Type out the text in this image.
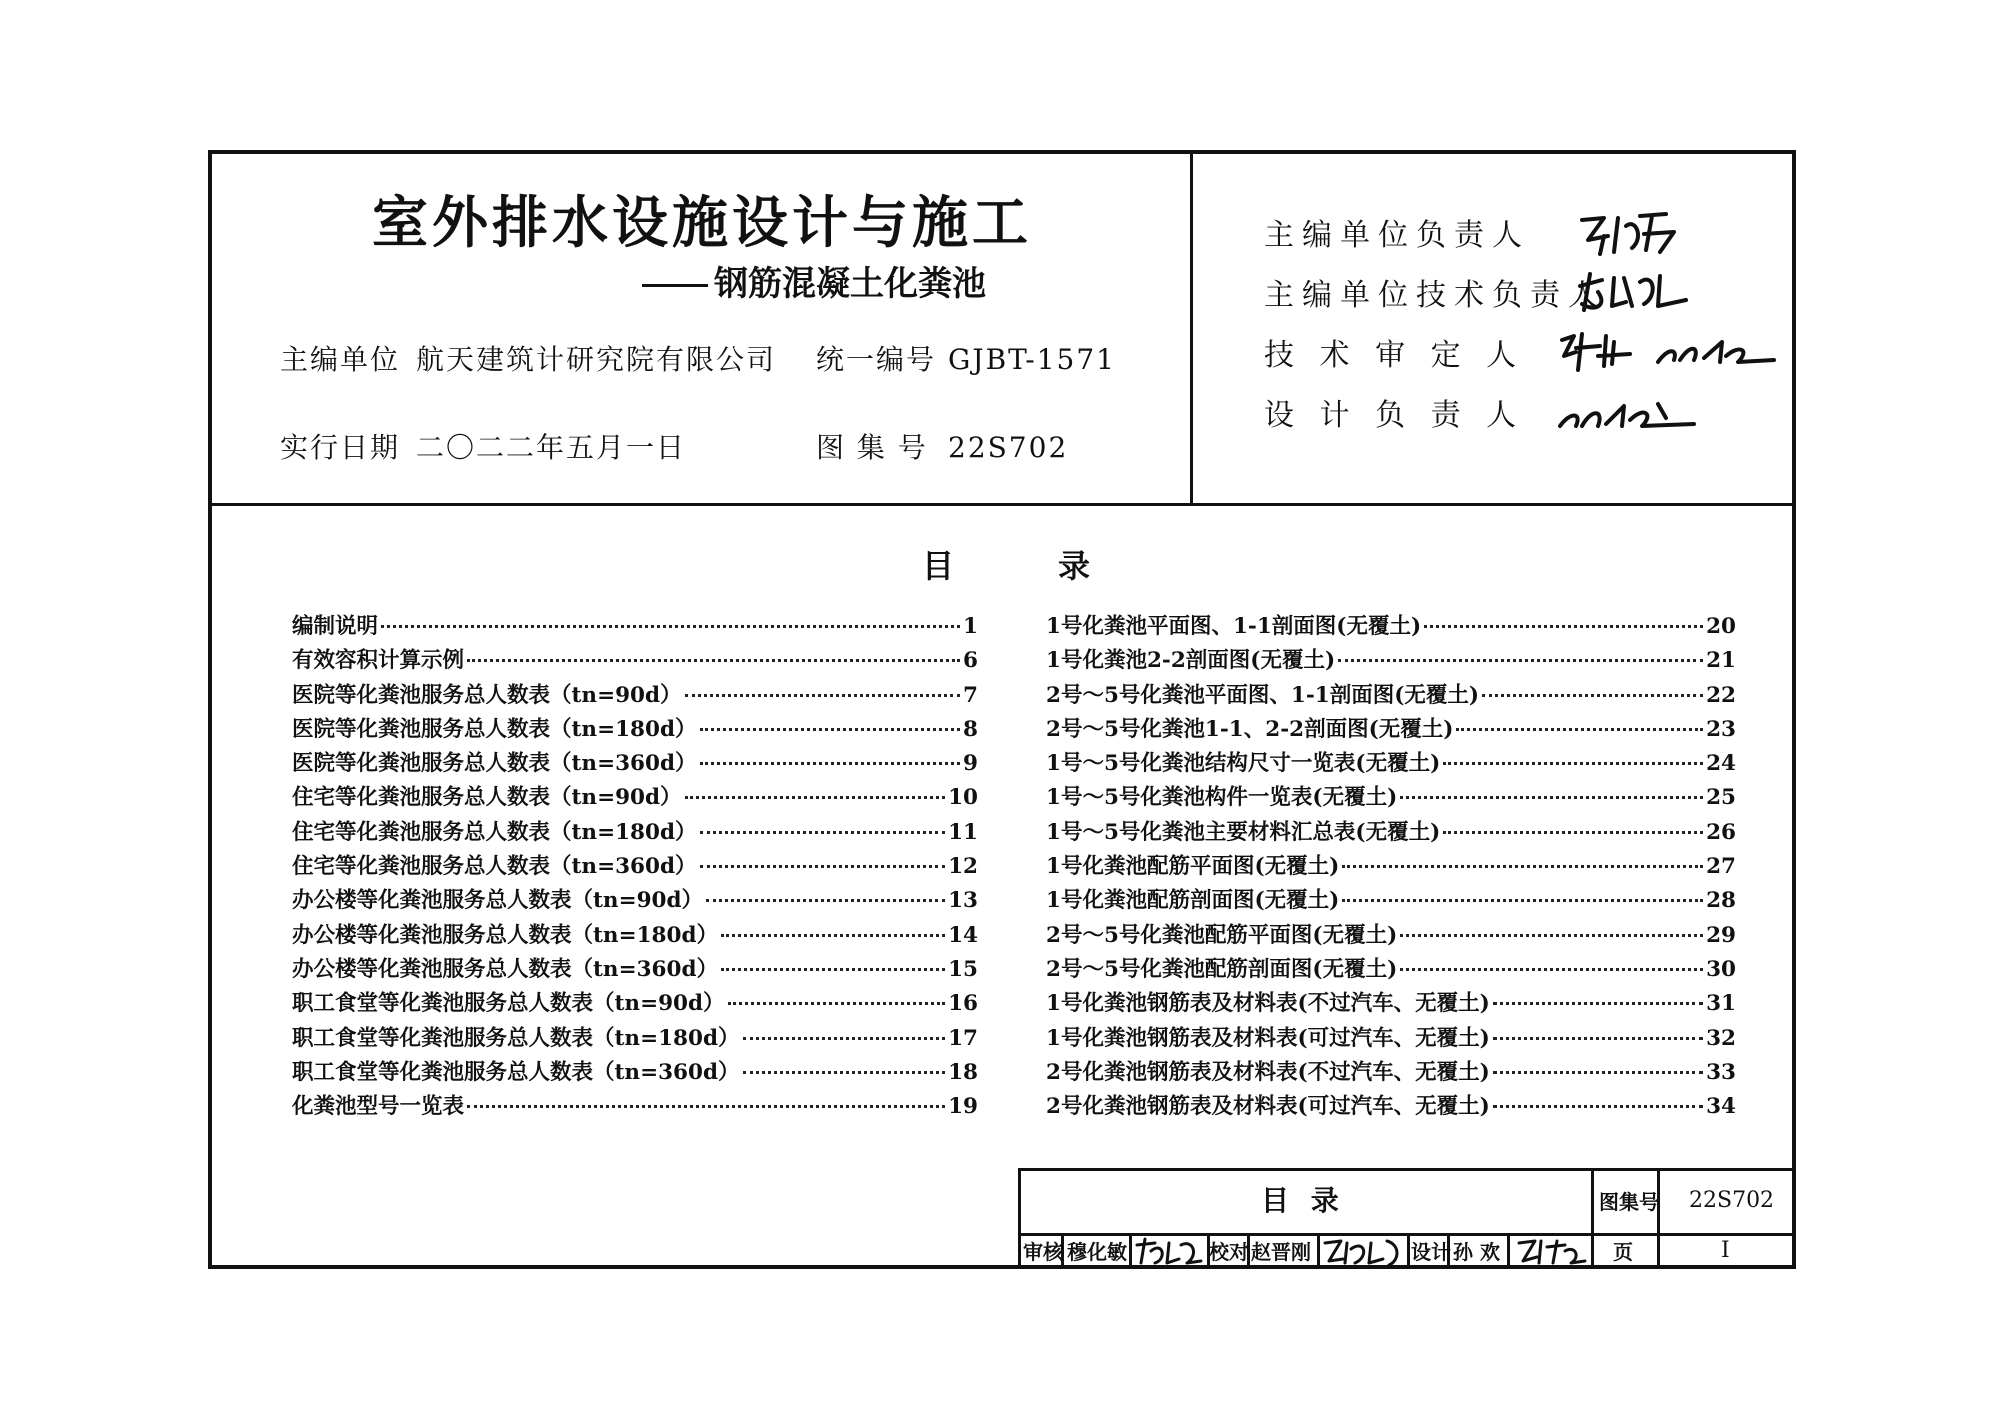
室外排水设施设计与施工
钢筋混凝土化粪池
主编单位 航天建筑计研究院有限公司 统一编号 GJBT-1571
实行日期 二〇二二年五月一日	图 集 号 22S702
主编单位负责人
主编单位技术负责人
技 术 审 定 人
设 计 负 责 人
目	录
编制说明	1
有效容积计算示例	6
医院等化粪池服务总人数表（tn=90d）	7
医院等化粪池服务总人数表（tn=180d）	8
医院等化粪池服务总人数表（tn=360d）	9
住宅等化粪池服务总人数表（tn=90d）	10
住宅等化粪池服务总人数表（tn=180d）	11
住宅等化粪池服务总人数表（tn=360d）	12
办公楼等化粪池服务总人数表（tn=90d）	13
办公楼等化粪池服务总人数表（tn=180d）	14
办公楼等化粪池服务总人数表（tn=360d）	15
职工食堂等化粪池服务总人数表（tn=90d）	16
职工食堂等化粪池服务总人数表（tn=180d）	17
职工食堂等化粪池服务总人数表（tn=360d）	18
化粪池型号一览表	19
1号化粪池平面图、1-1剖面图(无覆土)	20
1号化粪池2-2剖面图(无覆土)	21
2号～5号化粪池平面图、1-1剖面图(无覆土)	22
2号～5号化粪池1-1、2-2剖面图(无覆土)	23
1号～5号化粪池结构尺寸一览表(无覆土)	24
1号～5号化粪池构件一览表(无覆土)	25
1号～5号化粪池主要材料汇总表(无覆土)	26
1号化粪池配筋平面图(无覆土)	27
1号化粪池配筋剖面图(无覆土)	28
2号～5号化粪池配筋平面图(无覆土)	29
2号～5号化粪池配筋剖面图(无覆土)	30
1号化粪池钢筋表及材料表(不过汽车、无覆土)	31
1号化粪池钢筋表及材料表(可过汽车、无覆土)	32
2号化粪池钢筋表及材料表(不过汽车、无覆土)	33
2号化粪池钢筋表及材料表(可过汽车、无覆土)	34
目 录	图集号 22S702
审核 穆化敏	校对 赵晋刚	设计 孙 欢	页	Ⅰ
